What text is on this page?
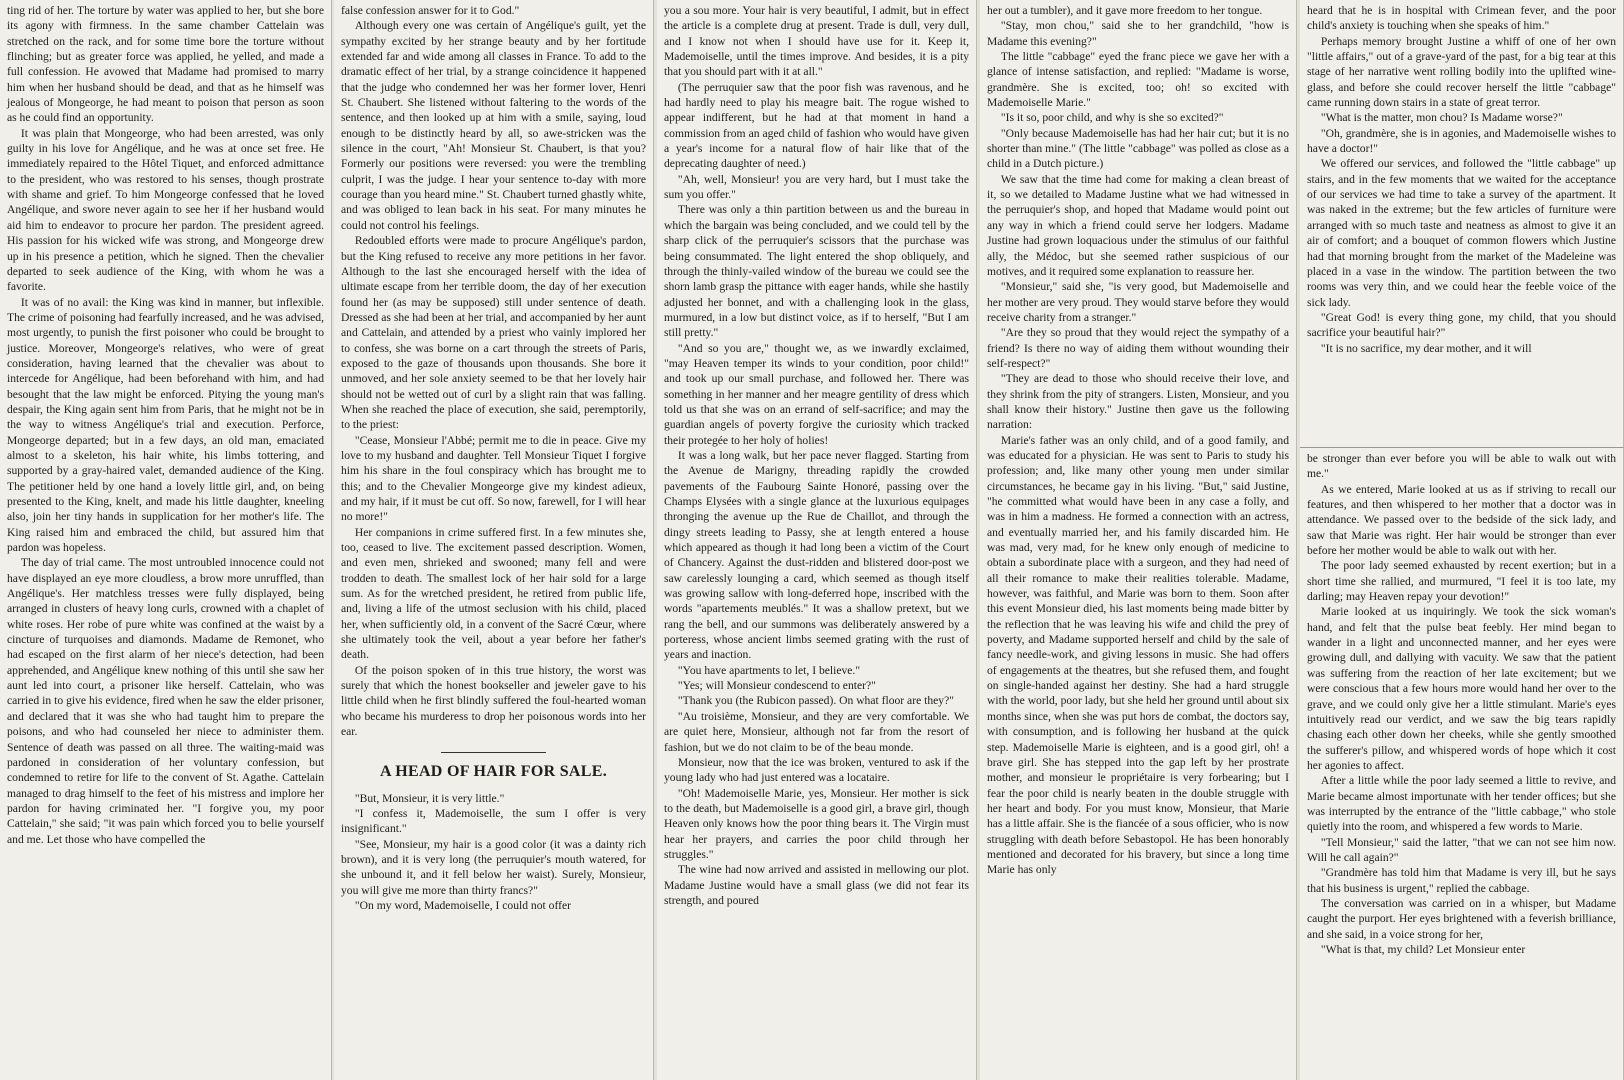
ting rid of her. The torture by water was applied to her, but she bore its agony with firmness. In the same chamber Cattelain was stretched on the rack, and for some time bore the torture without flinching; but as greater force was applied, he yelled, and made a full confession. He avowed that Madame had promised to marry him when her husband should be dead, and that as he himself was jealous of Mongeorge, he had meant to poison that person as soon as he could find an opportunity.

It was plain that Mongeorge, who had been arrested, was only guilty in his love for Angélique, and he was at once set free. He immediately repaired to the Hôtel Tiquet, and enforced admittance to the president, who was restored to his senses, though prostrate with shame and grief. To him Mongeorge confessed that he loved Angélique, and swore never again to see her if her husband would aid him to endeavor to procure her pardon. The president agreed. His passion for his wicked wife was strong, and Mongeorge drew up in his presence a petition, which he signed. Then the chevalier departed to seek audience of the King, with whom he was a favorite.

It was of no avail: the King was kind in manner, but inflexible. The crime of poisoning had fearfully increased, and he was advised, most urgently, to punish the first poisoner who could be brought to justice. Moreover, Mongeorge's relatives, who were of great consideration, having learned that the chevalier was about to intercede for Angélique, had been beforehand with him, and had besought that the law might be enforced. Pitying the young man's despair, the King again sent him from Paris, that he might not be in the way to witness Angélique's trial and execution. Perforce, Mongeorge departed; but in a few days, an old man, emaciated almost to a skeleton, his hair white, his limbs tottering, and supported by a gray-haired valet, demanded audience of the King. The petitioner held by one hand a lovely little girl, and, on being presented to the King, knelt, and made his little daughter, kneeling also, join her tiny hands in supplication for her mother's life. The King raised him and embraced the child, but assured him that pardon was hopeless.

The day of trial came. The most untroubled innocence could not have displayed an eye more cloudless, a brow more unruffled, than Angélique's. Her matchless tresses were fully displayed, being arranged in clusters of heavy long curls, crowned with a chaplet of white roses. Her robe of pure white was confined at the waist by a cincture of turquoises and diamonds. Madame de Remonet, who had escaped on the first alarm of her niece's detection, had been apprehended, and Angélique knew nothing of this until she saw her aunt led into court, a prisoner like herself. Cattelain, who was carried in to give his evidence, fired when he saw the elder prisoner, and declared that it was she who had taught him to prepare the poisons, and who had counseled her niece to administer them. Sentence of death was passed on all three. The waiting-maid was pardoned in consideration of her voluntary confession, but condemned to retire for life to the convent of St. Agathe. Cattelain managed to drag himself to the feet of his mistress and implore her pardon for having criminated her. "I forgive you, my poor Cattelain," she said; "it was pain which forced you to belie yourself and me. Let those who have compelled the

false confession answer for it to God."

Although every one was certain of Angélique's guilt, yet the sympathy excited by her strange beauty and by her fortitude extended far and wide among all classes in France. To add to the dramatic effect of her trial, by a strange coincidence it happened that the judge who condemned her was her former lover, Henri St. Chaubert. She listened without faltering to the words of the sentence, and then looked up at him with a smile, saying, loud enough to be distinctly heard by all, so awe-stricken was the silence in the court, "Ah! Monsieur St. Chaubert, is that you? Formerly our positions were reversed: you were the trembling culprit, I was the judge. I hear your sentence to-day with more courage than you heard mine." St. Chaubert turned ghastly white, and was obliged to lean back in his seat. For many minutes he could not control his feelings.

Redoubled efforts were made to procure Angélique's pardon, but the King refused to receive any more petitions in her favor. Although to the last she encouraged herself with the idea of ultimate escape from her terrible doom, the day of her execution found her (as may be supposed) still under sentence of death. Dressed as she had been at her trial, and accompanied by her aunt and Cattelain, and attended by a priest who vainly implored her to confess, she was borne on a cart through the streets of Paris, exposed to the gaze of thousands upon thousands. She bore it unmoved, and her sole anxiety seemed to be that her lovely hair should not be wetted out of curl by a slight rain that was falling. When she reached the place of execution, she said, peremptorily, to the priest:

"Cease, Monsieur l'Abbé; permit me to die in peace. Give my love to my husband and daughter. Tell Monsieur Tiquet I forgive him his share in the foul conspiracy which has brought me to this; and to the Chevalier Mongeorge give my kindest adieux, and my hair, if it must be cut off. So now, farewell, for I will hear no more!"

Her companions in crime suffered first. In a few minutes she, too, ceased to live. The excitement passed description. Women, and even men, shrieked and swooned; many fell and were trodden to death. The smallest lock of her hair sold for a large sum. As for the wretched president, he retired from public life, and, living a life of the utmost seclusion with his child, placed her, when sufficiently old, in a convent of the Sacré Cœur, where she ultimately took the veil, about a year before her father's death.

Of the poison spoken of in this true history, the worst was surely that which the honest bookseller and jeweler gave to his little child when he first blindly suffered the foul-hearted woman who became his murderess to drop her poisonous words into her ear.

A HEAD OF HAIR FOR SALE.

"But, Monsieur, it is very little."

"I confess it, Mademoiselle, the sum I offer is very insignificant."

"See, Monsieur, my hair is a good color (it was a dainty rich brown), and it is very long (the perruquier's mouth watered, for she unbound it, and it fell below her waist). Surely, Monsieur, you will give me more than thirty francs?"

"On my word, Mademoiselle, I could not offer

you a sou more. Your hair is very beautiful, I admit, but in effect the article is a complete drug at present. Trade is dull, very dull, and I know not when I should have use for it. Keep it, Mademoiselle, until the times improve. And besides, it is a pity that you should part with it at all."

(The perruquier saw that the poor fish was ravenous, and he had hardly need to play his meagre bait. The rogue wished to appear indifferent, but he had at that moment in hand a commission from an aged child of fashion who would have given a year's income for a natural flow of hair like that of the deprecating daughter of need.)

"Ah, well, Monsieur! you are very hard, but I must take the sum you offer."

There was only a thin partition between us and the bureau in which the bargain was being concluded, and we could tell by the sharp click of the perruquier's scissors that the purchase was being consummated. The light entered the shop obliquely, and through the thinly-vailed window of the bureau we could see the shorn lamb grasp the pittance with eager hands, while she hastily adjusted her bonnet, and with a challenging look in the glass, murmured, in a low but distinct voice, as if to herself, "But I am still pretty."

"And so you are," thought we, as we inwardly exclaimed, "may Heaven temper its winds to your condition, poor child!" and took up our small purchase, and followed her. There was something in her manner and her meagre gentility of dress which told us that she was on an errand of self-sacrifice; and may the guardian angels of poverty forgive the curiosity which tracked their protegée to her holy of holies!

It was a long walk, but her pace never flagged. Starting from the Avenue de Marigny, threading rapidly the crowded pavements of the Faubourg Sainte Honoré, passing over the Champs Elysées with a single glance at the luxurious equipages thronging the avenue up the Rue de Chaillot, and through the dingy streets leading to Passy, she at length entered a house which appeared as though it had long been a victim of the Court of Chancery. Against the dust-ridden and blistered door-post we saw carelessly lounging a card, which seemed as though itself was growing sallow with long-deferred hope, inscribed with the words "apartements meublés." It was a shallow pretext, but we rang the bell, and our summons was deliberately answered by a porteress, whose ancient limbs seemed grating with the rust of years and inaction.

"You have apartments to let, I believe."

"Yes; will Monsieur condescend to enter?"

"Thank you (the Rubicon passed). On what floor are they?"

"Au troisième, Monsieur, and they are very comfortable. We are quiet here, Monsieur, although not far from the resort of fashion, but we do not claim to be of the beau monde.

Monsieur, now that the ice was broken, ventured to ask if the young lady who had just entered was a locataire.

"Oh! Mademoiselle Marie, yes, Monsieur. Her mother is sick to the death, but Mademoiselle is a good girl, a brave girl, though Heaven only knows how the poor thing bears it. The Virgin must hear her prayers, and carries the poor child through her struggles."

The wine had now arrived and assisted in mellowing our plot. Madame Justine would have a small glass (we did not fear its strength, and poured

her out a tumbler), and it gave more freedom to her tongue.

"Stay, mon chou," said she to her grandchild, "how is Madame this evening?"

The little "cabbage" eyed the franc piece we gave her with a glance of intense satisfaction, and replied: "Madame is worse, grandmère. She is excited, too; oh! so excited with Mademoiselle Marie."

"Is it so, poor child, and why is she so excited?"

"Only because Mademoiselle has had her hair cut; but it is no shorter than mine." (The little "cabbage" was polled as close as a child in a Dutch picture.)

We saw that the time had come for making a clean breast of it, so we detailed to Madame Justine what we had witnessed in the perruquier's shop, and hoped that Madame would point out any way in which a friend could serve her lodgers. Madame Justine had grown loquacious under the stimulus of our faithful ally, the Médoc, but she seemed rather suspicious of our motives, and it required some explanation to reassure her.

"Monsieur," said she, "is very good, but Mademoiselle and her mother are very proud. They would starve before they would receive charity from a stranger."

"Are they so proud that they would reject the sympathy of a friend? Is there no way of aiding them without wounding their self-respect?"

"They are dead to those who should receive their love, and they shrink from the pity of strangers. Listen, Monsieur, and you shall know their history." Justine then gave us the following narration:

Marie's father was an only child, and of a good family, and was educated for a physician. He was sent to Paris to study his profession; and, like many other young men under similar circumstances, he became gay in his living. "But," said Justine, "he committed what would have been in any case a folly, and was in him a madness. He formed a connection with an actress, and eventually married her, and his family discarded him. He was mad, very mad, for he knew only enough of medicine to obtain a subordinate place with a surgeon, and they had need of all their romance to make their realities tolerable. Madame, however, was faithful, and Marie was born to them. Soon after this event Monsieur died, his last moments being made bitter by the reflection that he was leaving his wife and child the prey of poverty, and Madame supported herself and child by the sale of fancy needle-work, and giving lessons in music. She had offers of engagements at the theatres, but she refused them, and fought on single-handed against her destiny. She had a hard struggle with the world, poor lady, but she held her ground until about six months since, when she was put hors de combat, the doctors say, with consumption, and is following her husband at the quick step. Mademoiselle Marie is eighteen, and is a good girl, oh! a brave girl. She has stepped into the gap left by her prostrate mother, and monsieur le propriétaire is very forbearing; but I fear the poor child is nearly beaten in the double struggle with her heart and body. For you must know, Monsieur, that Marie has a little affair. She is the fiancée of a sous officier, who is now struggling with death before Sebastopol. He has been honorably mentioned and decorated for his bravery, but since a long time Marie has only

heard that he is in hospital with Crimean fever, and the poor child's anxiety is touching when she speaks of him."

Perhaps memory brought Justine a whiff of one of her own "little affairs," out of a grave-yard of the past, for a big tear at this stage of her narrative went rolling bodily into the uplifted wine-glass, and before she could recover herself the little "cabbage" came running down stairs in a state of great terror.

"What is the matter, mon chou? Is Madame worse?"

"Oh, grandmère, she is in agonies, and Mademoiselle wishes to have a doctor!"

We offered our services, and followed the "little cabbage" up stairs, and in the few moments that we waited for the acceptance of our services we had time to take a survey of the apartment. It was naked in the extreme; but the few articles of furniture were arranged with so much taste and neatness as almost to give it an air of comfort; and a bouquet of common flowers which Justine had that morning brought from the market of the Madeleine was placed in a vase in the window. The partition between the two rooms was very thin, and we could hear the feeble voice of the sick lady.

"Great God! is every thing gone, my child, that you should sacrifice your beautiful hair?"

"It is no sacrifice, my dear mother, and it will

be stronger than ever before you will be able to walk out with me."

As we entered, Marie looked at us as if striving to recall our features, and then whispered to her mother that a doctor was in attendance. We passed over to the bedside of the sick lady, and saw that Marie was right. Her hair would be stronger than ever before her mother would be able to walk out with her.

The poor lady seemed exhausted by recent exertion; but in a short time she rallied, and murmured, "I feel it is too late, my darling; may Heaven repay your devotion!"

Marie looked at us inquiringly. We took the sick woman's hand, and felt that the pulse beat feebly. Her mind began to wander in a light and unconnected manner, and her eyes were growing dull, and dallying with vacuity. We saw that the patient was suffering from the reaction of her late excitement; but we were conscious that a few hours more would hand her over to the grave, and we could only give her a little stimulant. Marie's eyes intuitively read our verdict, and we saw the big tears rapidly chasing each other down her cheeks, while she gently smoothed the sufferer's pillow, and whispered words of hope which it cost her agonies to affect.

After a little while the poor lady seemed a little to revive, and Marie became almost importunate with her tender offices; but she was interrupted by the entrance of the "little cabbage," who stole quietly into the room, and whispered a few words to Marie.

"Tell Monsieur," said the latter, "that we can not see him now. Will he call again?"

"Grandmère has told him that Madame is very ill, but he says that his business is urgent," replied the cabbage.

The conversation was carried on in a whisper, but Madame caught the purport. Her eyes brightened with a feverish brilliance, and she said, in a voice strong for her,

"What is that, my child? Let Monsieur enter
